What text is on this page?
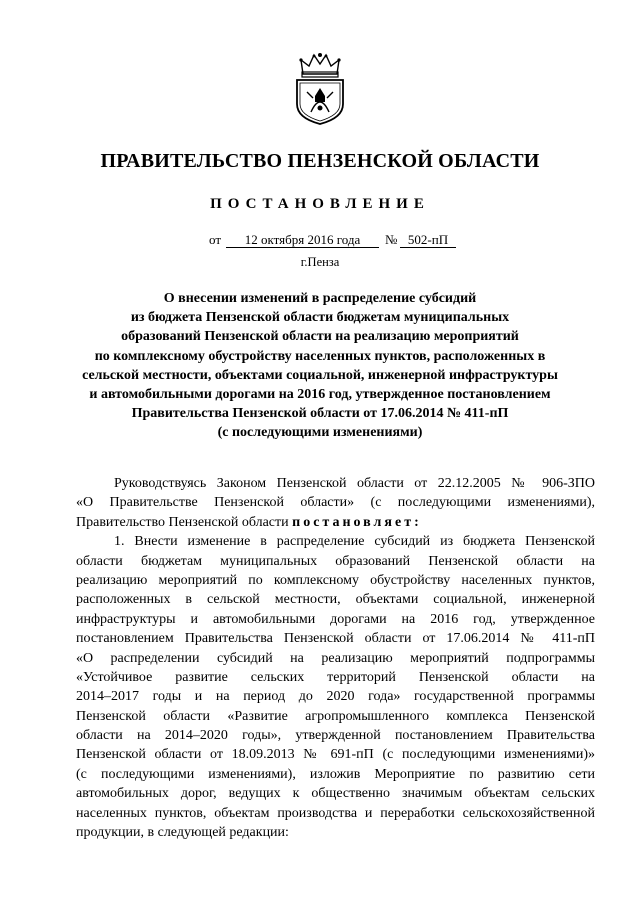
ПРАВИТЕЛЬСТВО ПЕНЗЕНСКОЙ ОБЛАСТИ
ПОСТАНОВЛЕНИЕ
от	12 октября 2016 года	№ 502-пП
г.Пенза
О внесении изменений в распределение субсидий
из бюджета Пензенской области бюджетам муниципальных
образований Пензенской области на реализацию мероприятий
по комплексному обустройству населенных пунктов, расположенных в
сельской местности, объектами социальной, инженерной инфраструктуры
и автомобильными дорогами на 2016 год, утвержденное постановлением
Правительства Пензенской области от 17.06.2014 № 411-пП
(с последующими изменениями)
Руководствуясь Законом Пензенской области от 22.12.2005 № 906-ЗПО
«О Правительстве Пензенской области» (с последующими изменениями),
Правительство Пензенской области постановляет:
1. Внести изменение в распределение субсидий из бюджета Пензенской
области бюджетам муниципальных образований Пензенской области на
реализацию мероприятий по комплексному обустройству населенных пунктов,
расположенных в сельской местности, объектами социальной, инженерной
инфраструктуры и автомобильными дорогами на 2016 год, утвержденное
постановлением Правительства Пензенской области от 17.06.2014 № 411-пП
«О распределении субсидий на реализацию мероприятий подпрограммы
«Устойчивое развитие сельских территорий Пензенской области на
2014–2017 годы и на период до 2020 года» государственной программы
Пензенской области «Развитие агропромышленного комплекса Пензенской
области на 2014–2020 годы», утвержденной постановлением Правительства
Пензенской области от 18.09.2013 № 691-пП (с последующими изменениями)»
(с последующими изменениями), изложив Мероприятие по развитию сети
автомобильных дорог, ведущих к общественно значимым объектам сельских
населенных пунктов, объектам производства и переработки сельскохозяйственной
продукции, в следующей редакции:
